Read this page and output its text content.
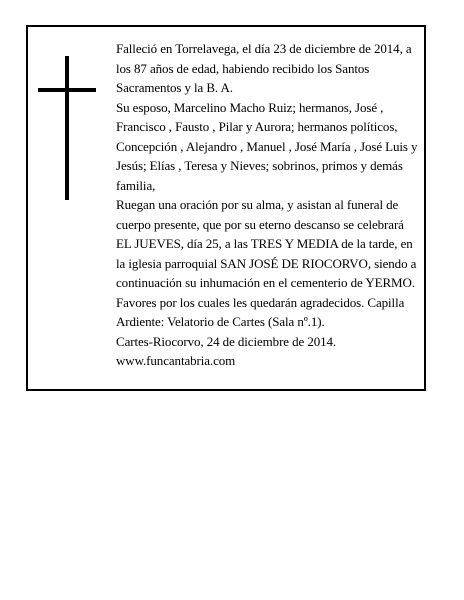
Falleció en Torrelavega, el día 23 de diciembre de 2014, a los 87 años de edad, habiendo recibido los Santos Sacramentos y la B. A.

Su esposo, Marcelino Macho Ruiz; hermanos, José , Francisco , Fausto , Pilar y Aurora; hermanos políticos, Concepción , Alejandro , Manuel , José María , José Luis y Jesús; Elías , Teresa y Nieves; sobrinos, primos y demás familia,

Ruegan una oración por su alma, y asistan al funeral de cuerpo presente, que por su eterno descanso se celebrará EL JUEVES, día 25, a las TRES Y MEDIA de la tarde, en la iglesia parroquial SAN JOSÉ DE RIOCORVO, siendo a continuación su inhumación en el cementerio de YERMO. Favores por los cuales les quedarán agradecidos. Capilla Ardiente: Velatorio de Cartes (Sala nº.1).

Cartes-Riocorvo, 24 de diciembre de 2014.

www.funcantabria.com
